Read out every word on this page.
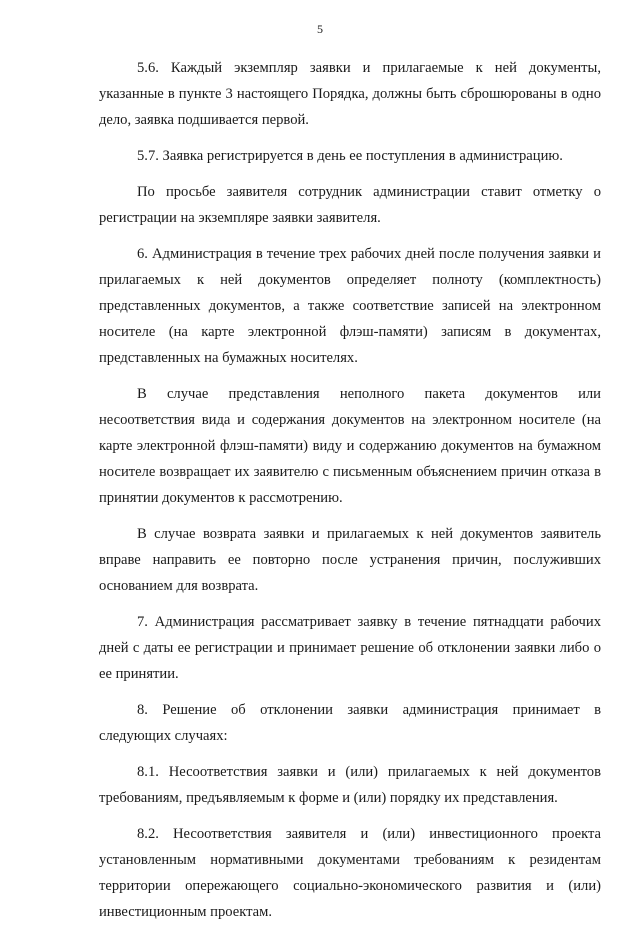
5

5.6. Каждый экземпляр заявки и прилагаемые к ней документы, указанные в пункте 3 настоящего Порядка, должны быть сброшюрованы в одно дело, заявка подшивается первой.

5.7. Заявка регистрируется в день ее поступления в администрацию.

По просьбе заявителя сотрудник администрации ставит отметку о регистрации на экземпляре заявки заявителя.

6. Администрация в течение трех рабочих дней после получения заявки и прилагаемых к ней документов определяет полноту (комплектность) представленных документов, а также соответствие записей на электронном носителе (на карте электронной флэш-памяти) записям в документах, представленных на бумажных носителях.

В случае представления неполного пакета документов или несоответствия вида и содержания документов на электронном носителе (на карте электронной флэш-памяти) виду и содержанию документов на бумажном носителе возвращает их заявителю с письменным объяснением причин отказа в принятии документов к рассмотрению.

В случае возврата заявки и прилагаемых к ней документов заявитель вправе направить ее повторно после устранения причин, послуживших основанием для возврата.

7. Администрация рассматривает заявку в течение пятнадцати рабочих дней с даты ее регистрации и принимает решение об отклонении заявки либо о ее принятии.

8. Решение об отклонении заявки администрация принимает в следующих случаях:

8.1. Несоответствия заявки и (или) прилагаемых к ней документов требованиям, предъявляемым к форме и (или) порядку их представления.

8.2. Несоответствия заявителя и (или) инвестиционного проекта установленным нормативными документами требованиям к резидентам территории опережающего социально-экономического развития и (или) инвестиционным проектам.
